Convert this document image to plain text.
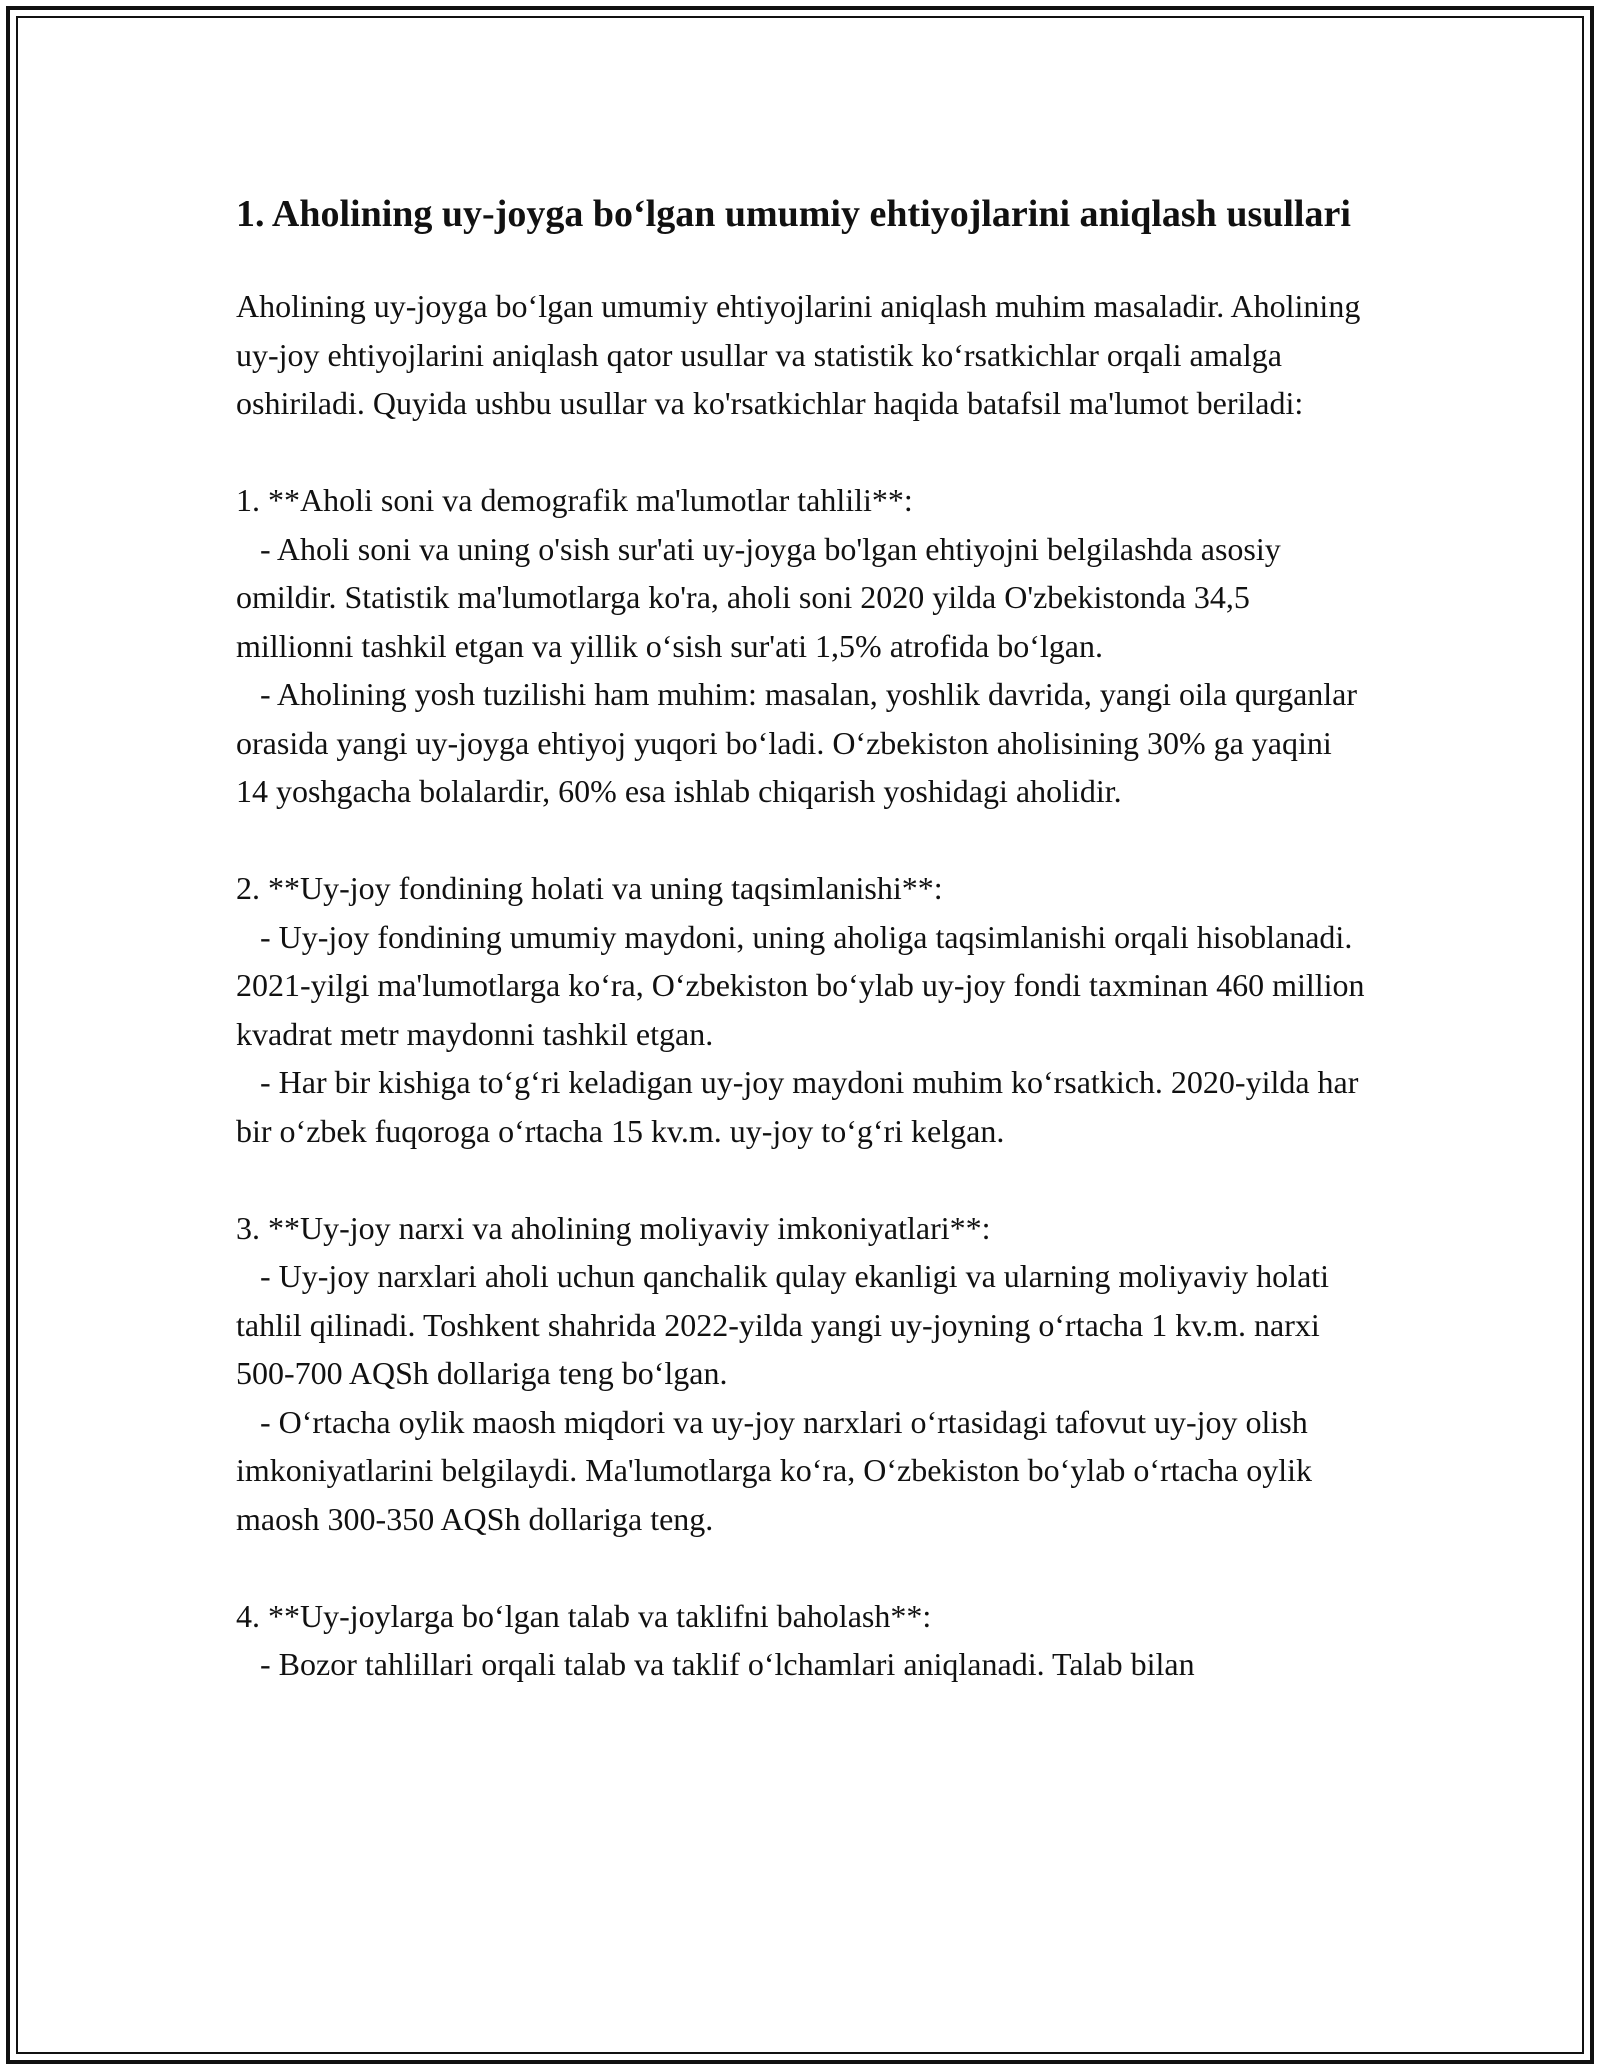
1. Aholining uy-joyga bo‘lgan umumiy ehtiyojlarini aniqlash usullari

Aholining uy-joyga bo‘lgan umumiy ehtiyojlarini aniqlash muhim masaladir. Aholining uy-joy ehtiyojlarini aniqlash qator usullar va statistik ko‘rsatkichlar orqali amalga oshiriladi. Quyida ushbu usullar va ko'rsatkichlar haqida batafsil ma'lumot beriladi:

1. **Aholi soni va demografik ma'lumotlar tahlili**:
- Aholi soni va uning o'sish sur'ati uy-joyga bo'lgan ehtiyojni belgilashda asosiy omildir. Statistik ma'lumotlarga ko'ra, aholi soni 2020 yilda O'zbekistonda 34,5 millionni tashkil etgan va yillik o‘sish sur'ati 1,5% atrofida bo‘lgan.
- Aholining yosh tuzilishi ham muhim: masalan, yoshlik davrida, yangi oila qurganlar orasida yangi uy-joyga ehtiyoj yuqori bo‘ladi. O‘zbekiston aholisining 30% ga yaqini 14 yoshgacha bolalardir, 60% esa ishlab chiqarish yoshidagi aholidir.

2. **Uy-joy fondining holati va uning taqsimlanishi**:
- Uy-joy fondining umumiy maydoni, uning aholiga taqsimlanishi orqali hisoblanadi. 2021-yilgi ma'lumotlarga ko‘ra, O‘zbekiston bo‘ylab uy-joy fondi taxminan 460 million kvadrat metr maydonni tashkil etgan.
- Har bir kishiga to‘g‘ri keladigan uy-joy maydoni muhim ko‘rsatkich. 2020-yilda har bir o‘zbek fuqoroga o‘rtacha 15 kv.m. uy-joy to‘g‘ri kelgan.

3. **Uy-joy narxi va aholining moliyaviy imkoniyatlari**:
- Uy-joy narxlari aholi uchun qanchalik qulay ekanligi va ularning moliyaviy holati tahlil qilinadi. Toshkent shahrida 2022-yilda yangi uy-joyning o‘rtacha 1 kv.m. narxi 500-700 AQSh dollariga teng bo‘lgan.
- O‘rtacha oylik maosh miqdori va uy-joy narxlari o‘rtasidagi tafovut uy-joy olish imkoniyatlarini belgilaydi. Ma'lumotlarga ko‘ra, O‘zbekiston bo‘ylab o‘rtacha oylik maosh 300-350 AQSh dollariga teng.

4. **Uy-joylarga bo‘lgan talab va taklifni baholash**:
- Bozor tahlillari orqali talab va taklif o‘lchamlari aniqlanadi. Talab bilan
